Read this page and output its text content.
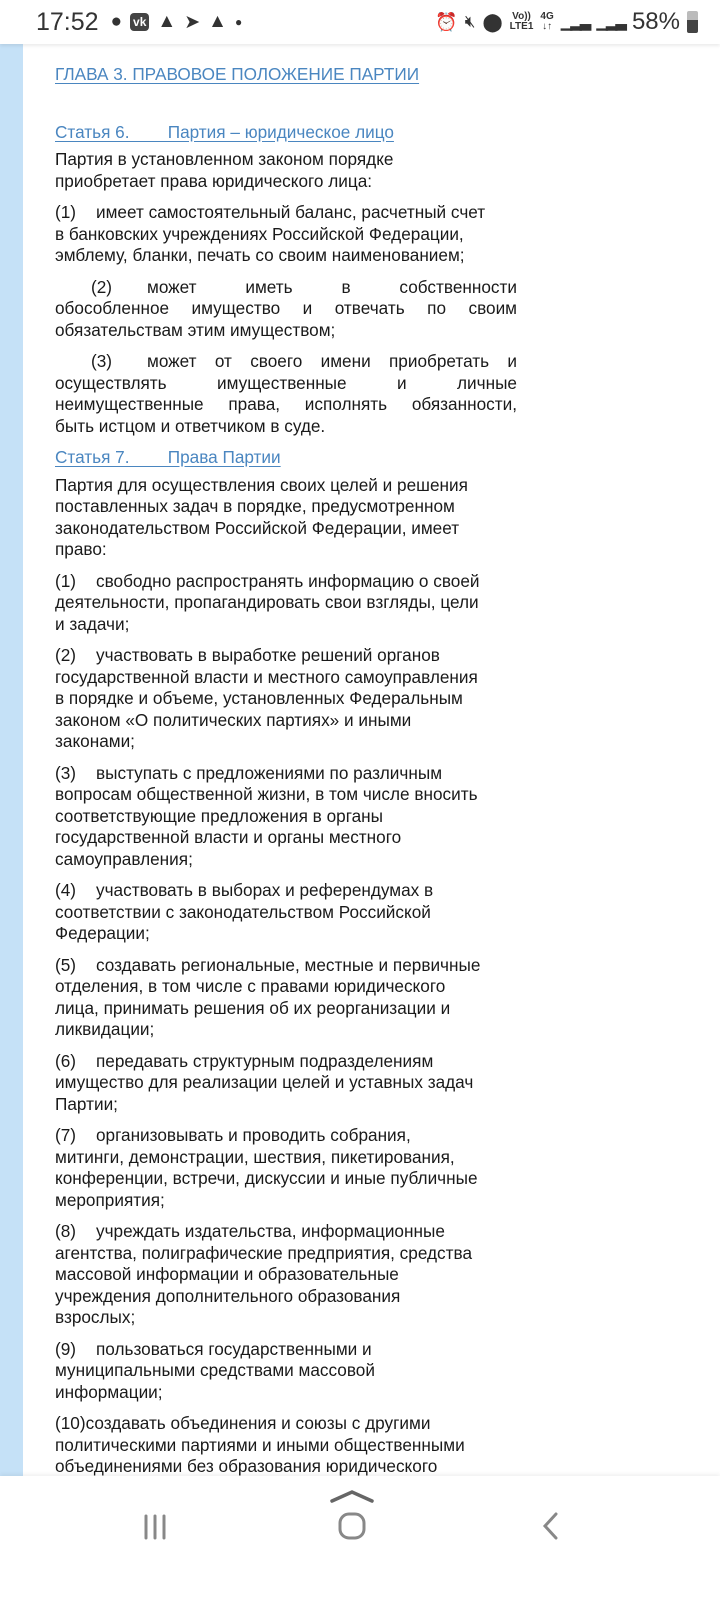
17:52 ● vk ▲ ➤ ▲ ●	⏰ 🔇︎ ⬤ Vo))
LTE1
4G
↓↑ ▁▂▃ ▁▂▃ 58%
ГЛАВА 3. ПРАВОВОЕ ПОЛОЖЕНИЕ ПАРТИИ
Статья 6.        Партия – юридическое лицо
Партия в установленном законом порядке
приобретает права юридического лица:
(1)	имеет самостоятельный баланс, расчетный счет
в банковских учреждениях Российской Федерации,
эмблему, бланки, печать со своим наименованием;
(2)	может иметь в собственности
обособленное имущество и отвечать по своим
обязательствам этим имуществом;
(3)	может от своего имени приобретать и
осуществлять имущественные и личные
неимущественные права, исполнять обязанности,
быть истцом и ответчиком в суде.
Статья 7.        Права Партии
Партия для осуществления своих целей и решения
поставленных задач в порядке, предусмотренном
законодательством Российской Федерации, имеет
право:
(1)	свободно распространять информацию о своей
деятельности, пропагандировать свои взгляды, цели
и задачи;
(2)	участвовать в выработке решений органов
государственной власти и местного самоуправления
в порядке и объеме, установленных Федеральным
законом «О политических партиях» и иными
законами;
(3)	выступать с предложениями по различным
вопросам общественной жизни, в том числе вносить
соответствующие предложения в органы
государственной власти и органы местного
самоуправления;
(4)	участвовать в выборах и референдумах в
соответствии с законодательством Российской
Федерации;
(5)	создавать региональные, местные и первичные
отделения, в том числе с правами юридического
лица, принимать решения об их реорганизации и
ликвидации;
(6)	передавать структурным подразделениям
имущество для реализации целей и уставных задач
Партии;
(7)	организовывать и проводить собрания,
митинги, демонстрации, шествия, пикетирования,
конференции, встречи, дискуссии и иные публичные
мероприятия;
(8)	учреждать издательства, информационные
агентства, полиграфические предприятия, средства
массовой информации и образовательные
учреждения дополнительного образования
взрослых;
(9)	пользоваться государственными и
муниципальными средствами массовой
информации;
(10) создавать объединения и союзы с другими
политическими партиями и иными общественными
объединениями без образования юридического
